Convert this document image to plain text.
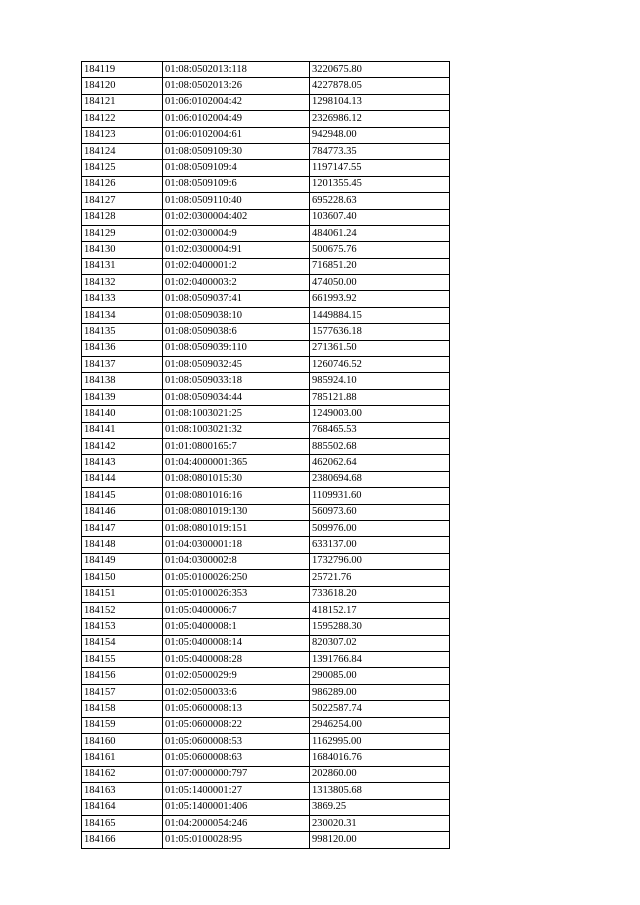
184119	01:08:0502013:118	3220675.80
184120	01:08:0502013:26	4227878.05
184121	01:06:0102004:42	1298104.13
184122	01:06:0102004:49	2326986.12
184123	01:06:0102004:61	942948.00
184124	01:08:0509109:30	784773.35
184125	01:08:0509109:4	1197147.55
184126	01:08:0509109:6	1201355.45
184127	01:08:0509110:40	695228.63
184128	01:02:0300004:402	103607.40
184129	01:02:0300004:9	484061.24
184130	01:02:0300004:91	500675.76
184131	01:02:0400001:2	716851.20
184132	01:02:0400003:2	474050.00
184133	01:08:0509037:41	661993.92
184134	01:08:0509038:10	1449884.15
184135	01:08:0509038:6	1577636.18
184136	01:08:0509039:110	271361.50
184137	01:08:0509032:45	1260746.52
184138	01:08:0509033:18	985924.10
184139	01:08:0509034:44	785121.88
184140	01:08:1003021:25	1249003.00
184141	01:08:1003021:32	768465.53
184142	01:01:0800165:7	885502.68
184143	01:04:4000001:365	462062.64
184144	01:08:0801015:30	2380694.68
184145	01:08:0801016:16	1109931.60
184146	01:08:0801019:130	560973.60
184147	01:08:0801019:151	509976.00
184148	01:04:0300001:18	633137.00
184149	01:04:0300002:8	1732796.00
184150	01:05:0100026:250	25721.76
184151	01:05:0100026:353	733618.20
184152	01:05:0400006:7	418152.17
184153	01:05:0400008:1	1595288.30
184154	01:05:0400008:14	820307.02
184155	01:05:0400008:28	1391766.84
184156	01:02:0500029:9	290085.00
184157	01:02:0500033:6	986289.00
184158	01:05:0600008:13	5022587.74
184159	01:05:0600008:22	2946254.00
184160	01:05:0600008:53	1162995.00
184161	01:05:0600008:63	1684016.76
184162	01:07:0000000:797	202860.00
184163	01:05:1400001:27	1313805.68
184164	01:05:1400001:406	3869.25
184165	01:04:2000054:246	230020.31
184166	01:05:0100028:95	998120.00
